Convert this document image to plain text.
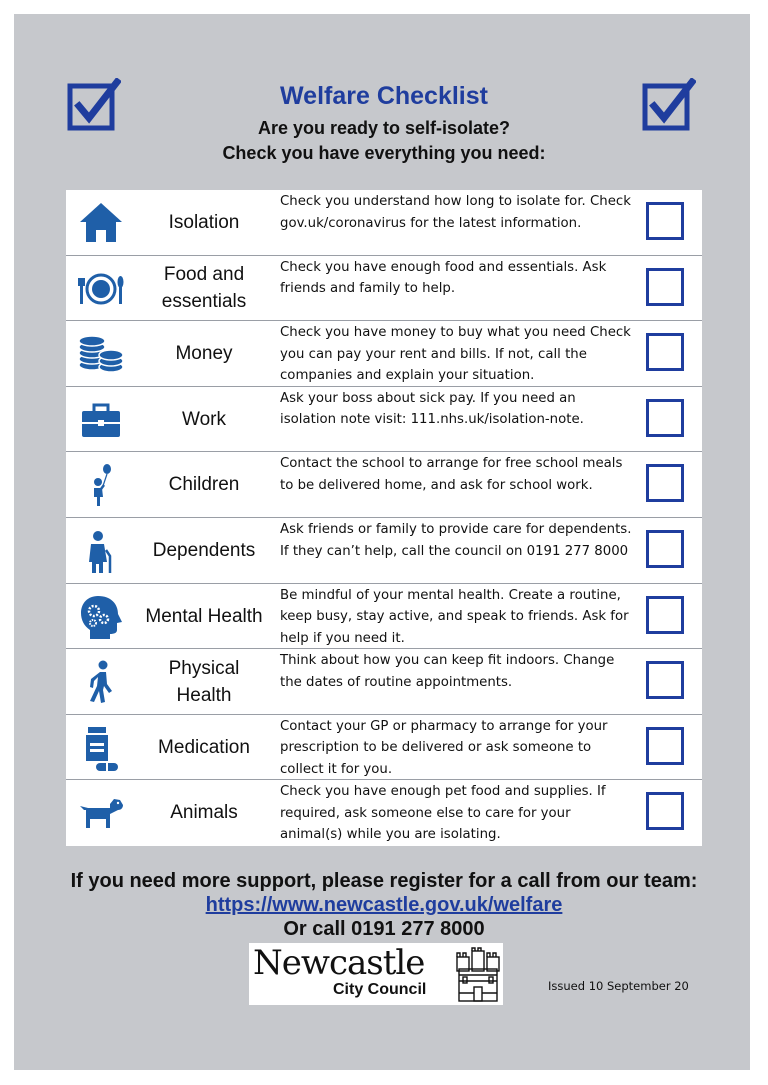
Welfare Checklist
Are you ready to self-isolate?
Check you have everything you need:
Isolation
Check you understand how long to isolate for. Check gov.uk/coronavirus for the latest information.
Food and essentials
Check you have enough food and essentials. Ask friends and family to help.
Money
Check you have money to buy what you need Check you can pay your rent and bills. If not, call the companies and explain your situation.
Work
Ask your boss about sick pay. If you need an isolation note visit: 111.nhs.uk/isolation-note.
Children
Contact the school to arrange for free school meals to be delivered home, and ask for school work.
Dependents
Ask friends or family to provide care for dependents. If they can’t help, call the council on 0191 277 8000
Mental Health
Be mindful of your mental health. Create a routine, keep busy, stay active, and speak to friends. Ask for help if you need it.
Physical Health
Think about how you can keep fit indoors. Change the dates of routine appointments.
Medication
Contact your GP or pharmacy to arrange for your prescription to be delivered or ask someone to collect it for you.
Animals
Check you have enough pet food and supplies. If required, ask someone else to care for your animal(s) while you are isolating.
If you need more support, please register for a call from our team:
https://www.newcastle.gov.uk/welfare
Or call 0191 277 8000
Newcastle
City Council	Issued 10 September 20
